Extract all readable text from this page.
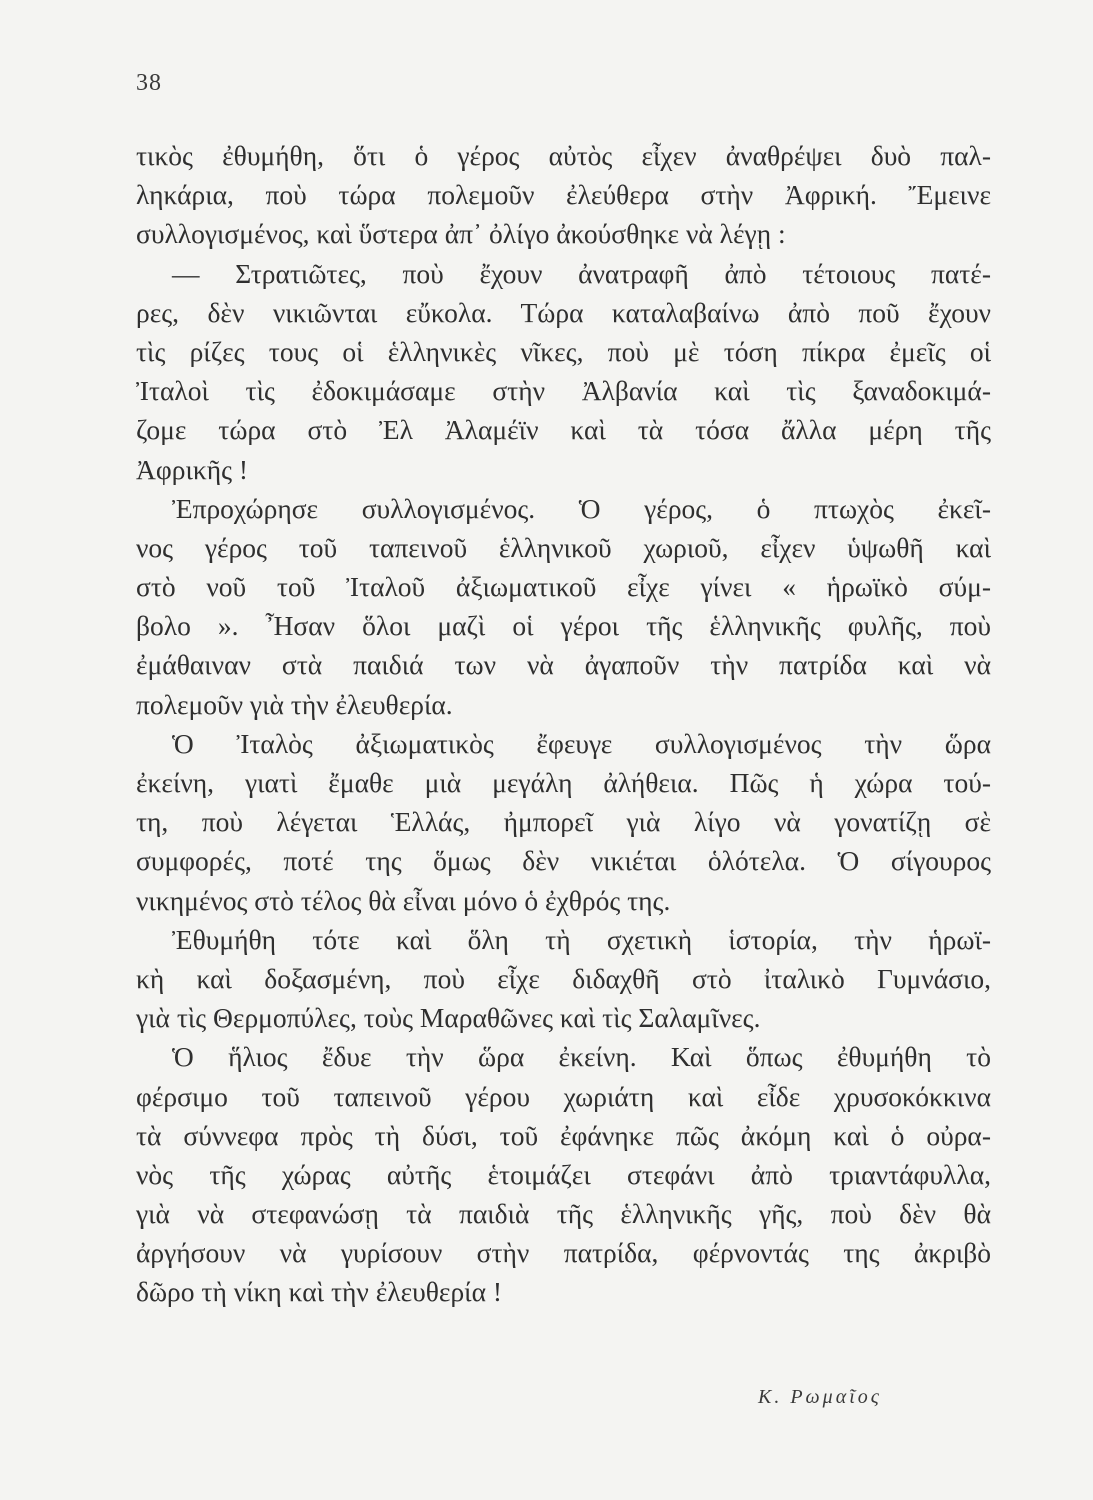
38
τικὸς ἐθυμήθη, ὅτι ὁ γέρος αὐτὸς εἶχεν ἀναθρέψει δυὸ παλ-
ληκάρια, ποὺ τώρα πολεμοῦν ἐλεύθερα στὴν Ἀφρική. Ἔμεινε
συλλογισμένος, καὶ ὕστερα ἀπ᾽ ὀλίγο ἀκούσθηκε νὰ λέγῃ :
— Στρατιῶτες, ποὺ ἔχουν ἀνατραφῆ ἀπὸ τέτοιους πατέ-
ρες, δὲν νικιῶνται εὔκολα. Τώρα καταλαβαίνω ἀπὸ ποῦ ἔχουν
τὶς ρίζες τους οἱ ἑλληνικὲς νῖκες, ποὺ μὲ τόση πίκρα ἐμεῖς οἱ
Ἰταλοὶ τὶς ἐδοκιμάσαμε στὴν Ἀλβανία καὶ τὶς ξαναδοκιμά-
ζομε τώρα στὸ Ἐλ Ἀλαμέϊν καὶ τὰ τόσα ἄλλα μέρη τῆς
Ἀφρικῆς !
Ἐπροχώρησε συλλογισμένος. Ὁ γέρος, ὁ πτωχὸς ἐκεῖ-
νος γέρος τοῦ ταπεινοῦ ἑλληνικοῦ χωριοῦ, εἶχεν ὑψωθῆ καὶ
στὸ νοῦ τοῦ Ἰταλοῦ ἀξιωματικοῦ εἶχε γίνει « ἡρωϊκὸ σύμ-
βολο ». Ἦσαν ὅλοι μαζὶ οἱ γέροι τῆς ἑλληνικῆς φυλῆς, ποὺ
ἐμάθαιναν στὰ παιδιά των νὰ ἀγαποῦν τὴν πατρίδα καὶ νὰ
πολεμοῦν γιὰ τὴν ἐλευθερία.
Ὁ Ἰταλὸς ἀξιωματικὸς ἔφευγε συλλογισμένος τὴν ὥρα
ἐκείνη, γιατὶ ἔμαθε μιὰ μεγάλη ἀλήθεια. Πῶς ἡ χώρα τού-
τη, ποὺ λέγεται Ἑλλάς, ἠμπορεῖ γιὰ λίγο νὰ γονατίζῃ σὲ
συμφορές, ποτέ της ὅμως δὲν νικιέται ὁλότελα. Ὁ σίγουρος
νικημένος στὸ τέλος θὰ εἶναι μόνο ὁ ἐχθρός της.
Ἐθυμήθη τότε καὶ ὅλη τὴ σχετικὴ ἱστορία, τὴν ἡρωϊ-
κὴ καὶ δοξασμένη, ποὺ εἶχε διδαχθῆ στὸ ἰταλικὸ Γυμνάσιο,
γιὰ τὶς Θερμοπύλες, τοὺς Μαραθῶνες καὶ τὶς Σαλαμῖνες.
Ὁ ἥλιος ἔδυε τὴν ὥρα ἐκείνη. Καὶ ὅπως ἐθυμήθη τὸ
φέρσιμο τοῦ ταπεινοῦ γέρου χωριάτη καὶ εἶδε χρυσοκόκκινα
τὰ σύννεφα πρὸς τὴ δύσι, τοῦ ἐφάνηκε πῶς ἀκόμη καὶ ὁ οὐρα-
νὸς τῆς χώρας αὐτῆς ἑτοιμάζει στεφάνι ἀπὸ τριαντάφυλλα,
γιὰ νὰ στεφανώσῃ τὰ παιδιὰ τῆς ἑλληνικῆς γῆς, ποὺ δὲν θὰ
ἀργήσουν νὰ γυρίσουν στὴν πατρίδα, φέρνοντάς της ἀκριβὸ
δῶρο τὴ νίκη καὶ τὴν ἐλευθερία !
Κ. Ρωμαῖος
